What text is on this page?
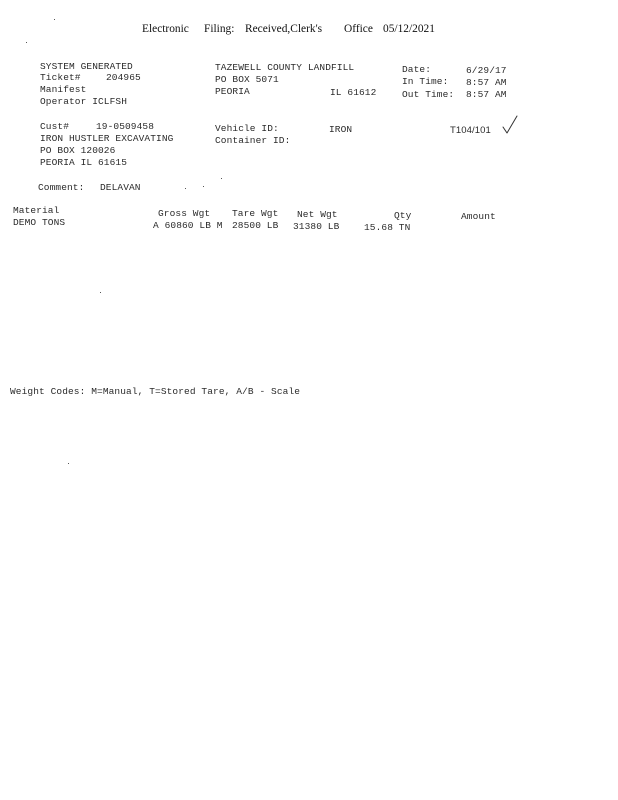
Electronic Filing: Received,Clerk's Office 05/12/2021
SYSTEM GENERATED
Ticket#	204965
Manifest
Operator ICLFSH
TAZEWELL COUNTY LANDFILL
PO BOX 5071
PEORIA	IL 61612
Date:	6/29/17
In Time: 8:57 AM
Out Time: 8:57 AM
Cust#	19-0509458
IRON HUSTLER EXCAVATING
PO BOX 120026
PEORIA IL 61615
Vehicle ID:	IRON
Container ID:
T104/101
Comment: DELAVAN
Material	Gross Wgt Tare Wgt Net Wgt	Qty	Amount
DEMO TONS	A 60860 LB M 28500 LB 31380 LB	15.68 TN
Weight Codes: M=Manual, T=Stored Tare, A/B - Scale
